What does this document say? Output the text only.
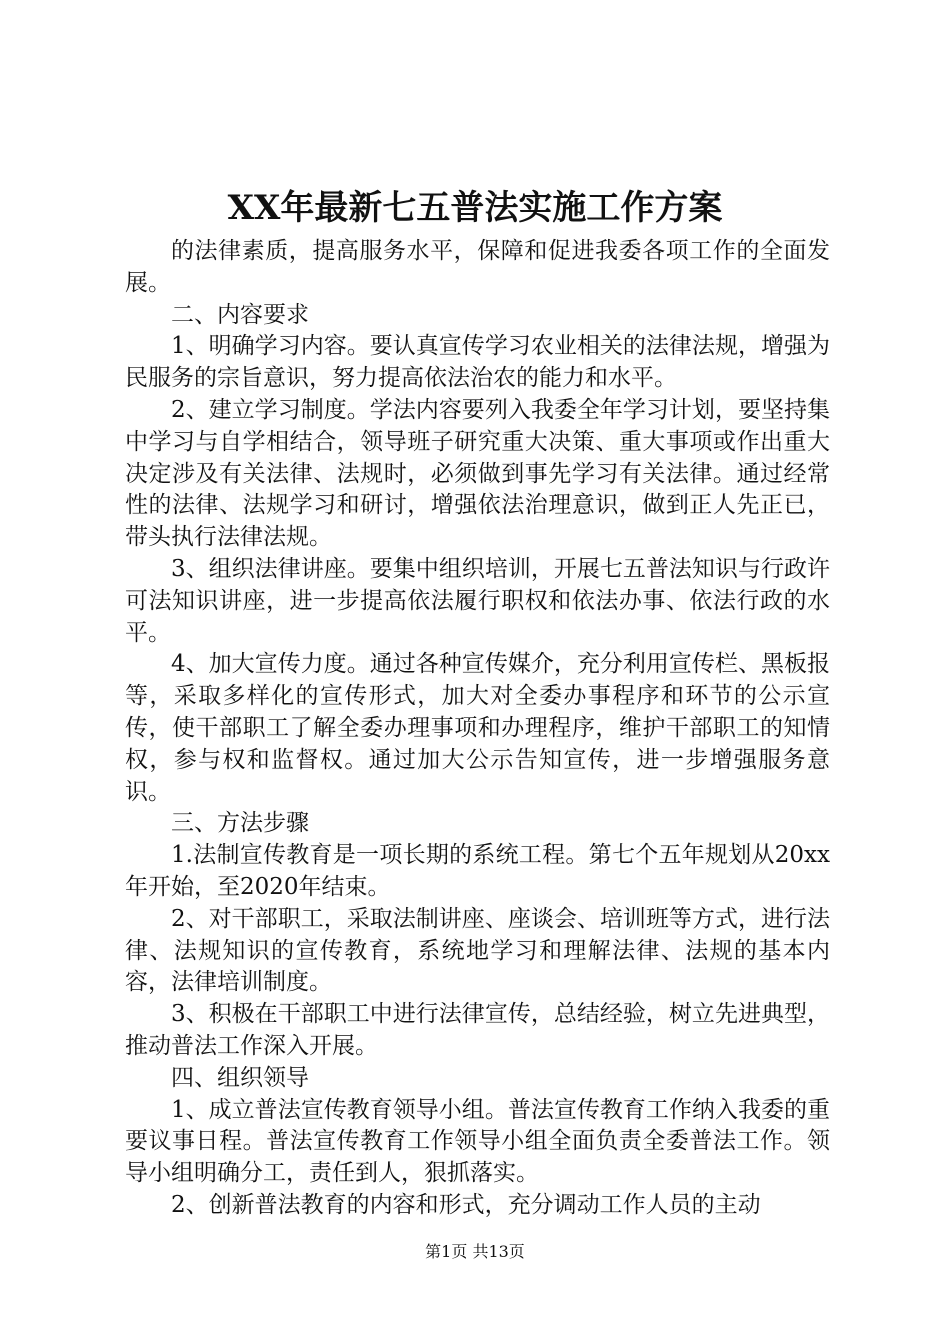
XX年最新七五普法实施工作方案

的法律素质，提高服务水平，保障和促进我委各项工作的全面发展。

二、内容要求

1、明确学习内容。要认真宣传学习农业相关的法律法规，增强为民服务的宗旨意识，努力提高依法治农的能力和水平。

2、建立学习制度。学法内容要列入我委全年学习计划，要坚持集中学习与自学相结合，领导班子研究重大决策、重大事项或作出重大决定涉及有关法律、法规时，必须做到事先学习有关法律。通过经常性的法律、法规学习和研讨，增强依法治理意识，做到正人先正已，带头执行法律法规。

3、组织法律讲座。要集中组织培训，开展七五普法知识与行政许可法知识讲座，进一步提高依法履行职权和依法办事、依法行政的水平。

4、加大宣传力度。通过各种宣传媒介，充分利用宣传栏、黑板报等，采取多样化的宣传形式，加大对全委办事程序和环节的公示宣传，使干部职工了解全委办理事项和办理程序，维护干部职工的知情权，参与权和监督权。通过加大公示告知宣传，进一步增强服务意识。

三、方法步骤

1.法制宣传教育是一项长期的系统工程。第七个五年规划从20xx年开始，至2020年结束。

2、对干部职工，采取法制讲座、座谈会、培训班等方式，进行法律、法规知识的宣传教育，系统地学习和理解法律、法规的基本内容，法律培训制度。

3、积极在干部职工中进行法律宣传，总结经验，树立先进典型，推动普法工作深入开展。

四、组织领导

1、成立普法宣传教育领导小组。普法宣传教育工作纳入我委的重要议事日程。普法宣传教育工作领导小组全面负责全委普法工作。领导小组明确分工，责任到人，狠抓落实。

2、创新普法教育的内容和形式，充分调动工作人员的主动

第1页 共13页
